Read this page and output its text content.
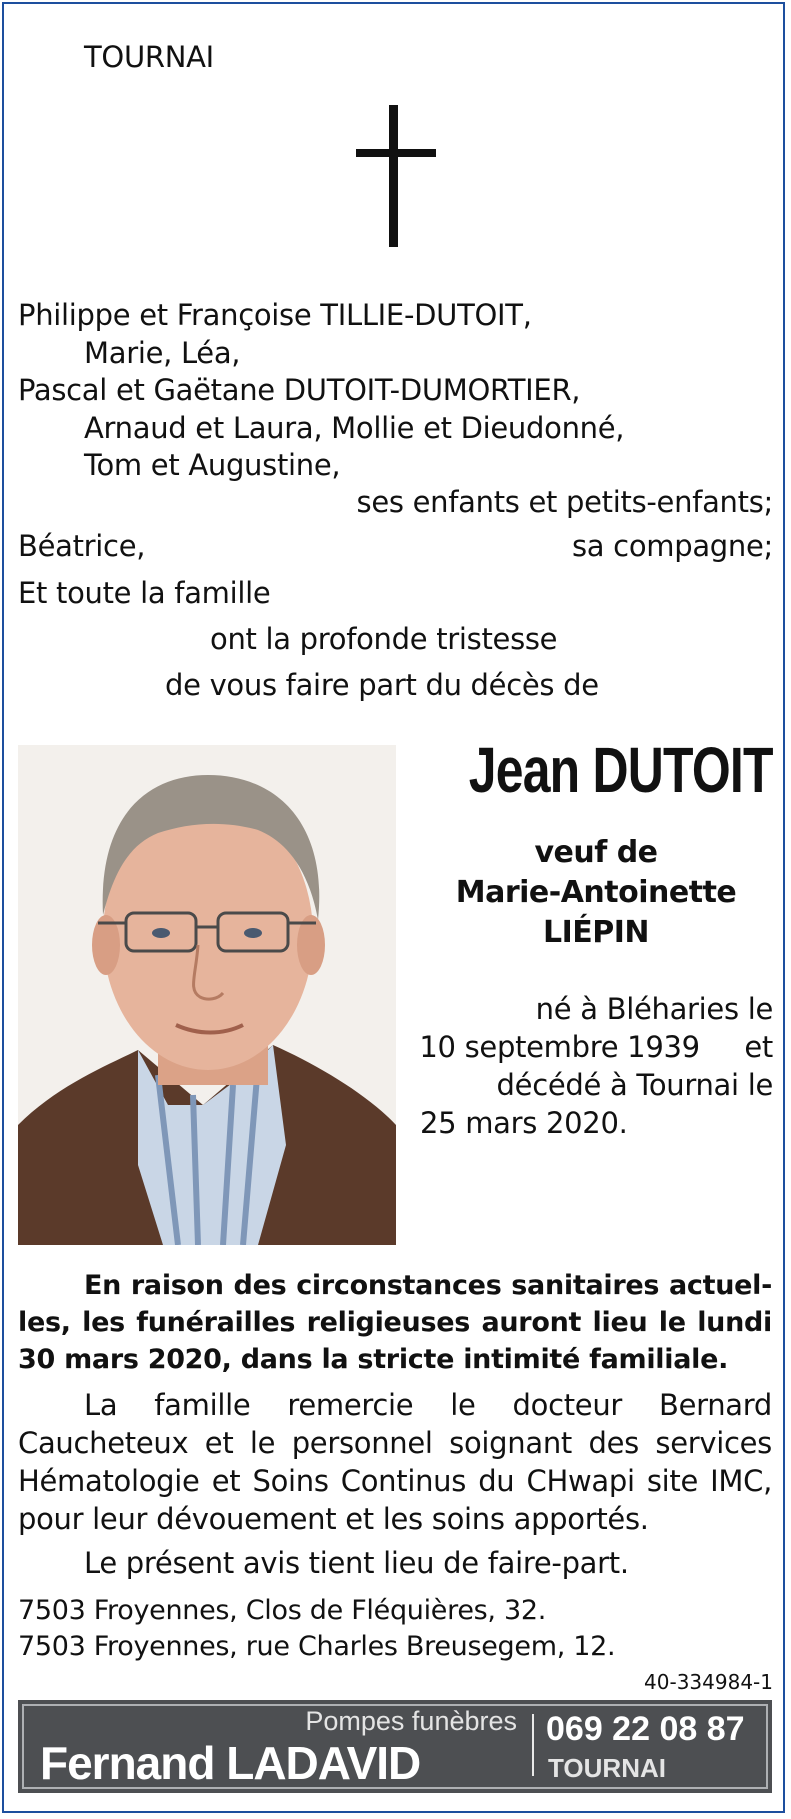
TOURNAI
Philippe et Françoise TILLIE-DUTOIT,
Marie, Léa,
Pascal et Gaëtane DUTOIT-DUMORTIER,
Arnaud et Laura, Mollie et Dieudonné,
Tom et Augustine,
ses enfants et petits-enfants;
Béatrice,	sa compagne;
Et toute la famille
ont la profonde tristesse
de vous faire part du décès de
Jean DUTOIT
veuf de
Marie-Antoinette
LIÉPIN
né à Bléharies le
10 septembre 1939     et
décédé à Tournai le
25 mars 2020.
En raison des circonstances sanitaires actuel-
les, les funérailles religieuses auront lieu le lundi
30 mars 2020, dans la stricte intimité familiale.
La famille remercie le docteur Bernard
Caucheteux et le personnel soignant des services
Hématologie et Soins Continus du CHwapi site IMC,
pour leur dévouement et les soins apportés.
Le présent avis tient lieu de faire-part.
7503 Froyennes, Clos de Fléquières, 32.
7503 Froyennes, rue Charles Breusegem, 12.
40-334984-1
Pompes funèbres
Fernand LADAVID
069 22 08 87
TOURNAI
